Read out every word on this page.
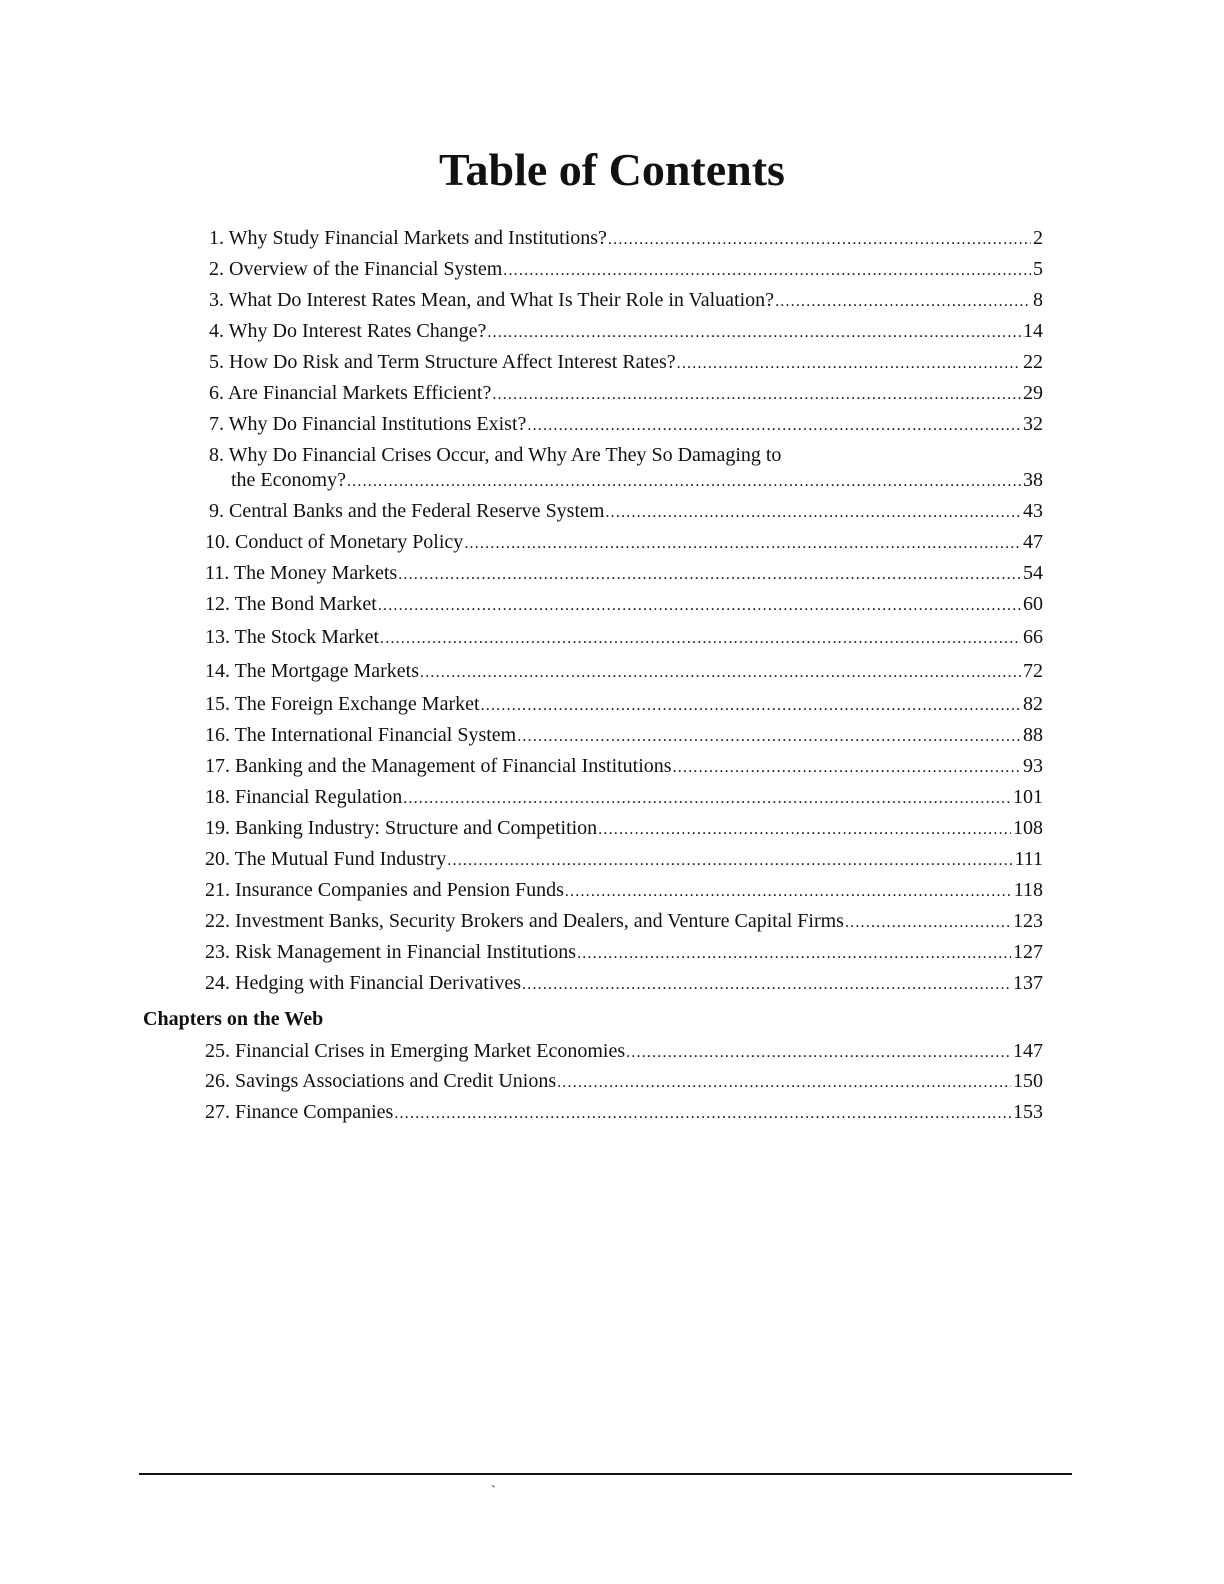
Table of Contents
1. Why Study Financial Markets and Institutions? .....	2
2. Overview of the Financial System .....	5
3. What Do Interest Rates Mean, and What Is Their Role in Valuation? .....	8
4. Why Do Interest Rates Change? .....	14
5. How Do Risk and Term Structure Affect Interest Rates? .....	22
6. Are Financial Markets Efficient? .....	29
7. Why Do Financial Institutions Exist? .....	32
8. Why Do Financial Crises Occur, and Why Are They So Damaging to
the Economy? .....	38
9. Central Banks and the Federal Reserve System .....	43
10. Conduct of Monetary Policy .....	47
11. The Money Markets .....	54
12. The Bond Market .....	60
13. The Stock Market .....	66
14. The Mortgage Markets .....	72
15. The Foreign Exchange Market .....	82
16. The International Financial System .....	88
17. Banking and the Management of Financial Institutions .....	93
18. Financial Regulation .....	101
19. Banking Industry: Structure and Competition .....	108
20. The Mutual Fund Industry .....	111
21. Insurance Companies and Pension Funds .....	118
22. Investment Banks, Security Brokers and Dealers, and Venture Capital Firms .....	123
23. Risk Management in Financial Institutions .....	127
24. Hedging with Financial Derivatives .....	137
Chapters on the Web
25. Financial Crises in Emerging Market Economies .....	147
26. Savings Associations and Credit Unions .....	150
27. Finance Companies .....	153
`
